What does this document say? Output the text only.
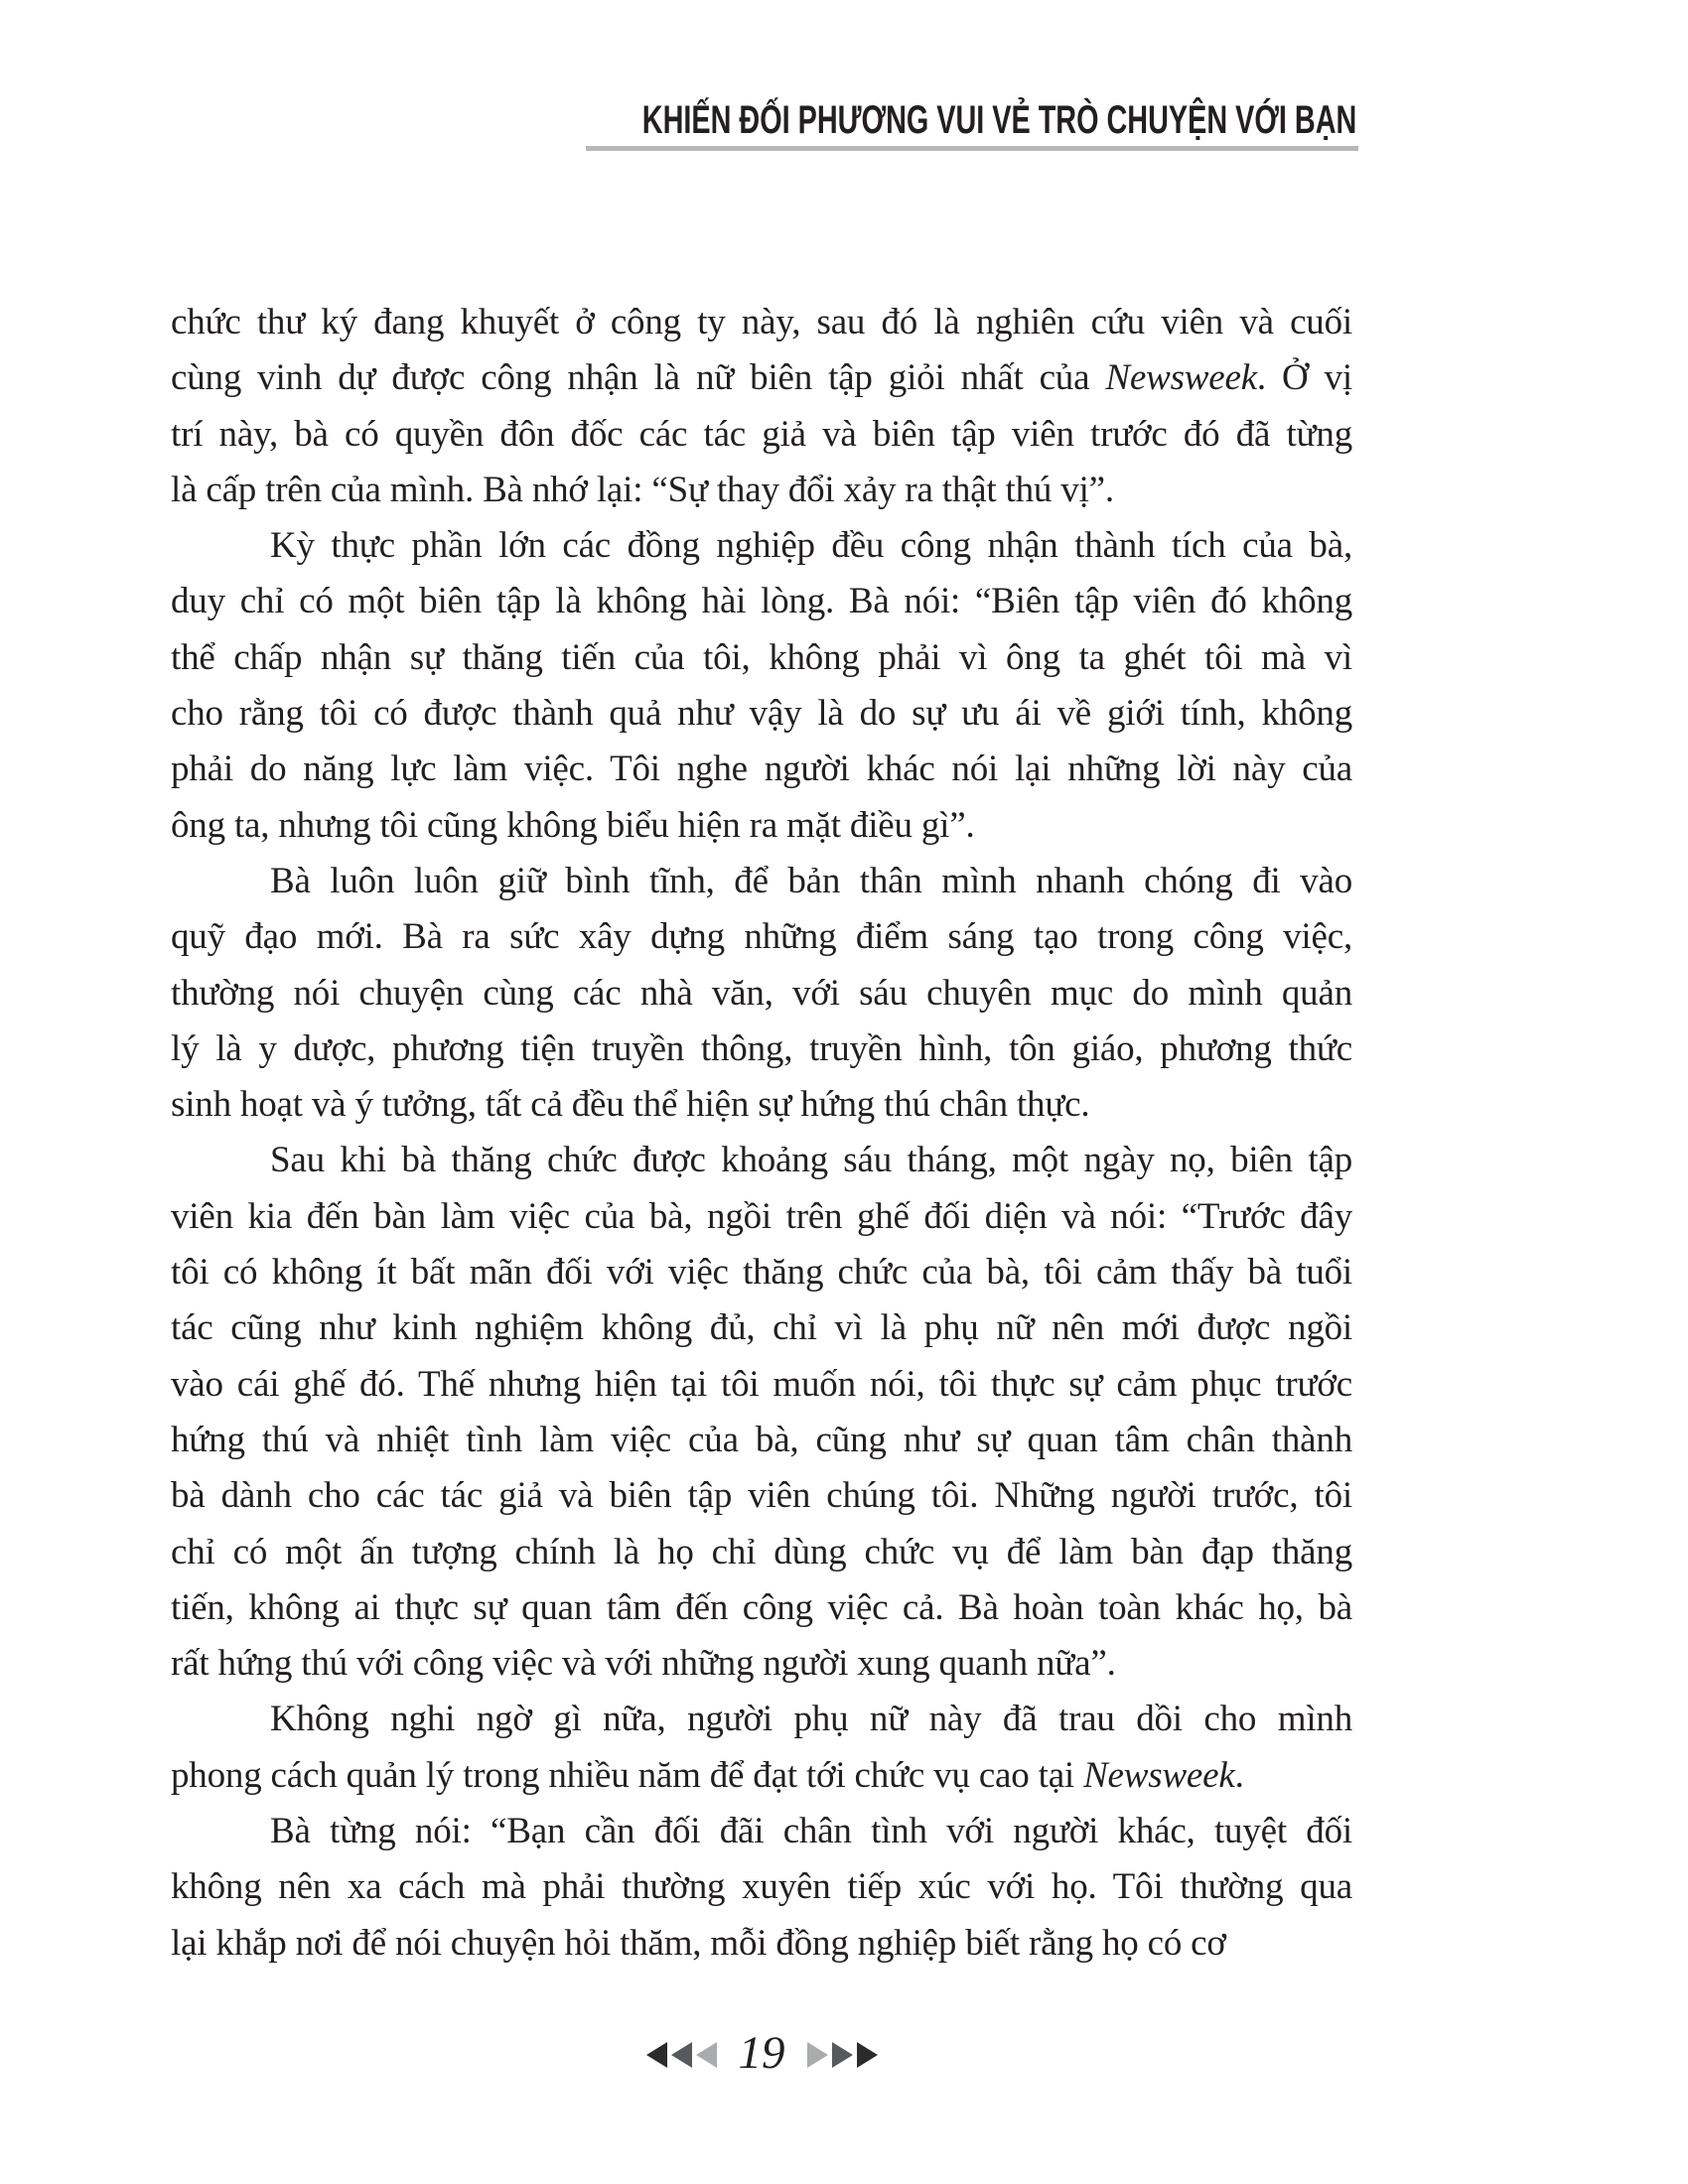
KHIẾN ĐỐI PHƯƠNG VUI VẺ TRÒ CHUYỆN VỚI BẠN
chức thư ký đang khuyết ở công ty này, sau đó là nghiên cứu viên và cuối
cùng vinh dự được công nhận là nữ biên tập giỏi nhất của Newsweek. Ở vị
trí này, bà có quyền đôn đốc các tác giả và biên tập viên trước đó đã từng
là cấp trên của mình. Bà nhớ lại: “Sự thay đổi xảy ra thật thú vị”.
Kỳ thực phần lớn các đồng nghiệp đều công nhận thành tích của bà,
duy chỉ có một biên tập là không hài lòng. Bà nói: “Biên tập viên đó không
thể chấp nhận sự thăng tiến của tôi, không phải vì ông ta ghét tôi mà vì
cho rằng tôi có được thành quả như vậy là do sự ưu ái về giới tính, không
phải do năng lực làm việc. Tôi nghe người khác nói lại những lời này của
ông ta, nhưng tôi cũng không biểu hiện ra mặt điều gì”.
Bà luôn luôn giữ bình tĩnh, để bản thân mình nhanh chóng đi vào
quỹ đạo mới. Bà ra sức xây dựng những điểm sáng tạo trong công việc,
thường nói chuyện cùng các nhà văn, với sáu chuyên mục do mình quản
lý là y dược, phương tiện truyền thông, truyền hình, tôn giáo, phương thức
sinh hoạt và ý tưởng, tất cả đều thể hiện sự hứng thú chân thực.
Sau khi bà thăng chức được khoảng sáu tháng, một ngày nọ, biên tập
viên kia đến bàn làm việc của bà, ngồi trên ghế đối diện và nói: “Trước đây
tôi có không ít bất mãn đối với việc thăng chức của bà, tôi cảm thấy bà tuổi
tác cũng như kinh nghiệm không đủ, chỉ vì là phụ nữ nên mới được ngồi
vào cái ghế đó. Thế nhưng hiện tại tôi muốn nói, tôi thực sự cảm phục trước
hứng thú và nhiệt tình làm việc của bà, cũng như sự quan tâm chân thành
bà dành cho các tác giả và biên tập viên chúng tôi. Những người trước, tôi
chỉ có một ấn tượng chính là họ chỉ dùng chức vụ để làm bàn đạp thăng
tiến, không ai thực sự quan tâm đến công việc cả. Bà hoàn toàn khác họ, bà
rất hứng thú với công việc và với những người xung quanh nữa”.
Không nghi ngờ gì nữa, người phụ nữ này đã trau dồi cho mình
phong cách quản lý trong nhiều năm để đạt tới chức vụ cao tại Newsweek.
Bà từng nói: “Bạn cần đối đãi chân tình với người khác, tuyệt đối
không nên xa cách mà phải thường xuyên tiếp xúc với họ. Tôi thường qua
lại khắp nơi để nói chuyện hỏi thăm, mỗi đồng nghiệp biết rằng họ có cơ
19
